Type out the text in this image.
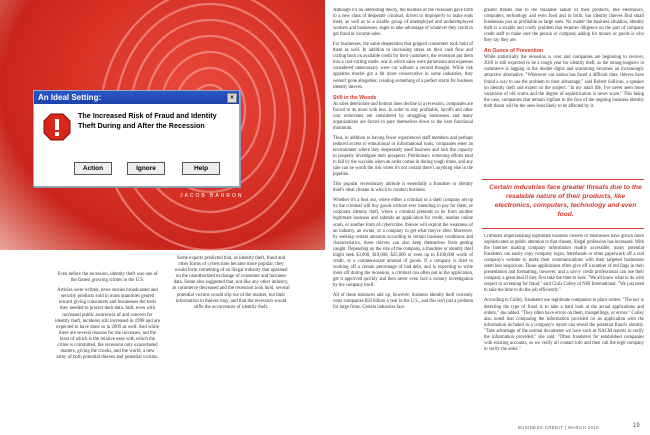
FEATURE
An Ideal Setting:	×
The Increased Risk of Fraud and Identity Theft During and After the Recession
Action	Ignore	Help
JACOB BARRON

Even before the recession, identity theft was one of the fastest growing crimes in the U.S.

Articles were written, news stories broadcasted and security products sold in mass quantities geared toward giving consumers and businesses the tools they needed to protect their data. Still, even with increased public awareness of and concern for identity theft, incidents still increased in 1998 and are expected to have done so in 2009 as well. And while there are several reasons for the increases, not the least of which is the relative ease with which the crime is committed, the recession only exacerbated matters, giving the crooks, and the world, a new army of both potential thieves and potential victims.

Some experts predicted that, as identity theft, fraud and other forms of cybercrime became more popular, they would form something of an illegal industry that operated on the unauthorized exchange of consumer and business data. Some also suggested that, not like any other industry, as commerce decreased and the recession took hold, several potential victims would slip out of the market, but their information to thieves may, and that the recession would stifle the occurrences of identity theft.

Although it's an interesting theory, the realities of the recession gave birth to a new class of desperate criminal, driven to improperly to make ends meet, as well as to a sizable group of unemployed and underemployed workers and businesses, eager to take advantage of whatever they could to get fraud or income sales.

For businesses, the same desperation that gripped consumers took hold of them as well. In addition to increasing stress on their cash flow and cutting back on available credit for their customers, the recession put them into a cost-cutting mode, one in which sales were paramount and expenses considered unnecessary were cut without a second thought. While risk appetites maybe got a bit more conservative in some industries, they weren't gone altogether, creating something of a perfect storm for business identity thieves.

Still in the Woods

As sales deteriorate and bottom lines decline in a recession, companies are forced to do more with less. In order to stay profitable, layoffs and other cost reductions are considered by struggling businesses and many organizations are forced to pare themselves down to the bare functional minimum.

Thus, in addition to having fewer experienced staff members and perhaps reduced access to educational or informational tools, companies enter an environment where they desperately need business and lack the capacity to properly investigate their prospects. Preliminary screening efforts tend to fall by the wayside when an order comes in during tough times, and any sale can be worth the risk when it's not certain there's anything else in the pipeline.

This popular recessionary attitude is essentially a fraudster or identity thief's ideal climate in which to conduct business.

Whether it's a bust out, where either a criminal or a shell company set up by the criminal will buy goods without ever intending to pay for them, or corporate identity theft, where a criminal pretends to be from another legitimate business and submits an application for credit, another online scam, or another form of cybercrime, thieves will exploit the weakness of an industry, an owner, or a company to get what they're after. Moreover, by seeking certain amounts according to certain business conditions and characteristics, these thieves can also keep themselves from getting caught. Depending on the size of the company, a fraudster or identity thief might seek $3,000, $10,000, $25,000 or even up to $100,000 worth of credit, or a commensurate amount of goods. If a company is tired to working off a certain percentage of bad debt, and is expecting to write more off during the recession, a criminal can often put in the application, get it approved quickly and then never even face a cursory investigation by the company itself.

All of these instances add up, however; business identity theft currently costs companies $50 billion a year in the U.S., and this isn't just a problem for large firms. Certain industries face

greater threats due to the resalable nature of their products, like electronics, computers, technology and even food and to forth, but identity thieves find small businesses just as profitable as large ones. No matter the business situation, identity theft is a sizable and costly problem that requires diligence on the part of company credit staff to make sure the person or company asking for money or goods is who they say they are.

An Ounce of Prevention

While statistically the recession is over and companies are beginning to recover, 2010 is still expected to be a rough year for identity theft, as the strong-leaguers in commerce is lagging in the double digits and scamming becomes an increasingly attractive alternative. "Whenever our nation has faced a difficult time, thieves have found a way to use the problem to their advantage," said Robert Sullivan, a speaker on identity theft and expert on the subject. "In my adult life, I've never seen more variations of old scams and the degree of sophistication is never scam." This being the case, companies that remain vigilant in the face of the ongoing business identity theft threat will be the ones least likely to be affected by it.

Certain industries face greater threats due to the resalable nature of their products, like electronics, computers, technology and even food.

Criminals impersonating legitimate business owners or businesses have grown more sophisticated as public attention to that chosen, illegal profession has increased. With the Internet making company information readily accessible, many potential fraudsters can easily copy company logos, letterheads or other paperwork off a real company's website to make their communications with their targeted businesses seem less suspicious. Those applications often give off a number of red flags in their presentation and formatting, however, and a savvy credit professional can use their company a great deal if they first take the time to look. "We all know what to do with respect to screening for fraud," said Chris Colley of NIB International. "We just need to take the time to do the job efficiently."

According to Colley, fraudsters use legitimate companies to place orders. "The key is detecting the type of fraud is to take a hard look at the actual applications and orders," she added. "They often have errors on them, misspellings, or errors." Colley also noted that comparing the information provided on an application with the information included in a company's report can reveal the potential fraud's identity. "Take advantage of the normal documents we have such as NACM reports to verify the information provided," she said. "Often fraudsters for established companies with existing accounts, so we verify all contact info and then call the legit company to verify the order."

BUSINESS CREDIT | MARCH 2010	19
